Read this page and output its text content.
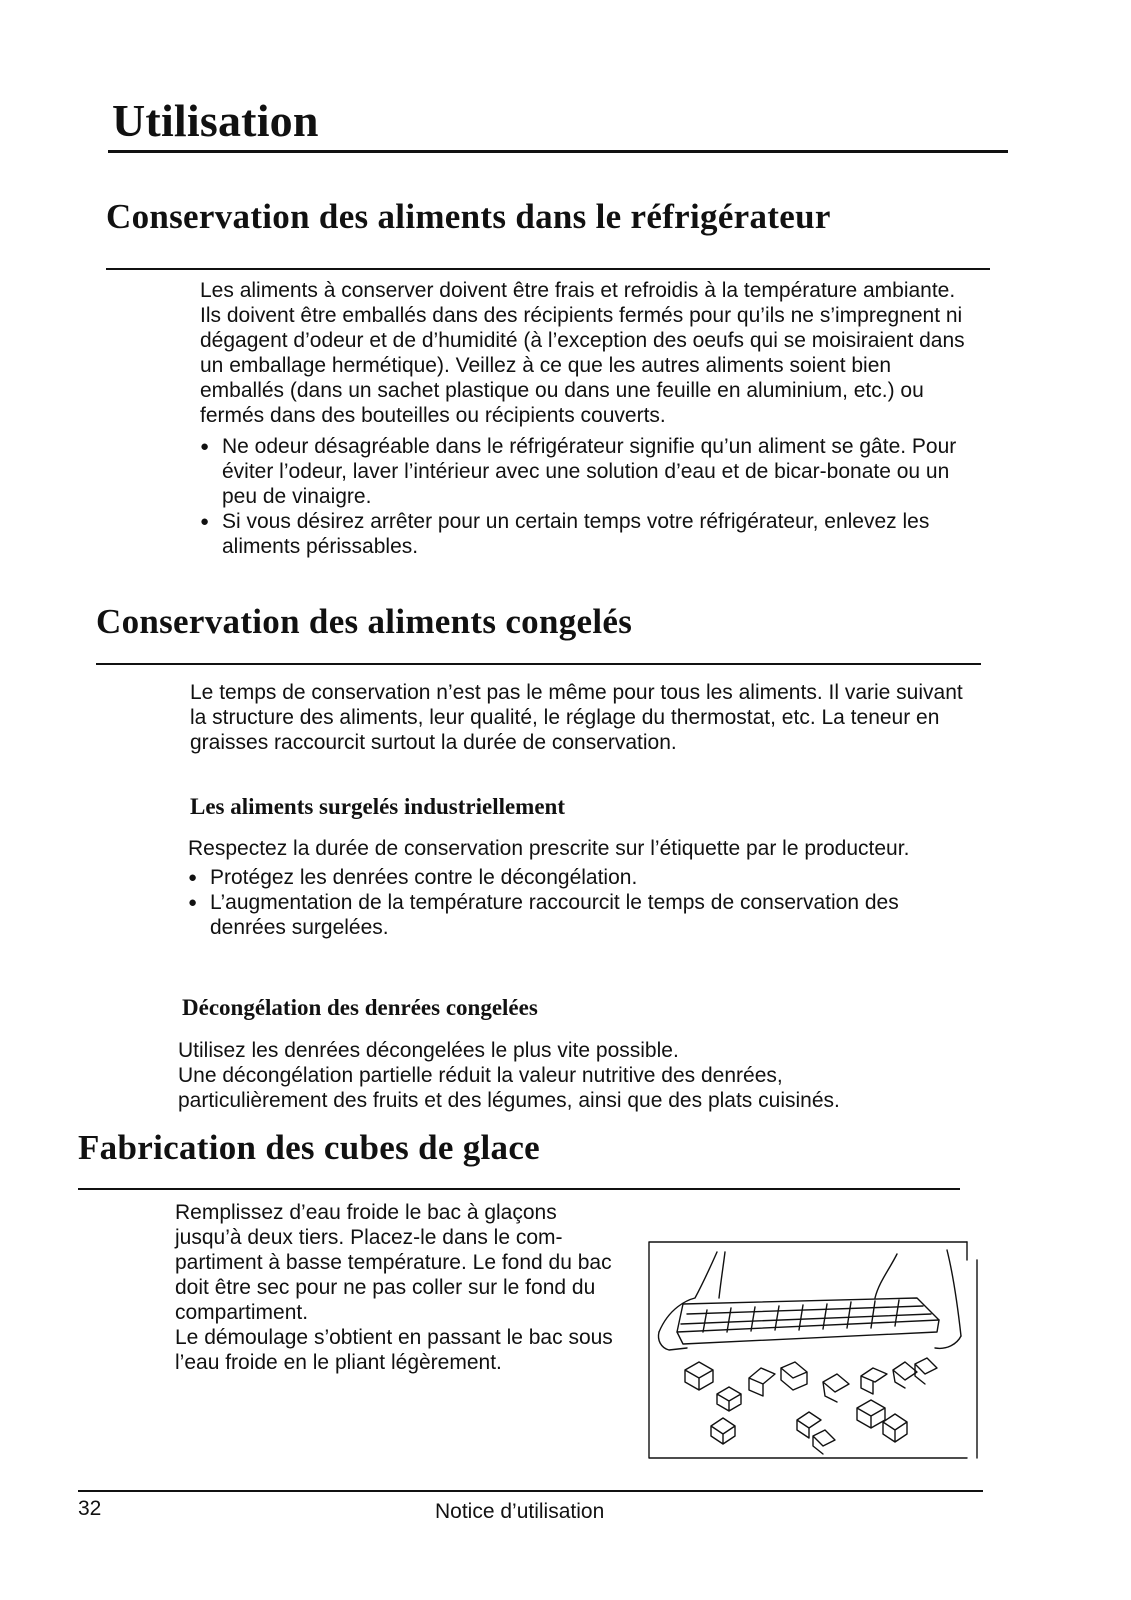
Utilisation
Conservation des aliments dans le réfrigérateur

Les aliments à conserver doivent être frais et refroidis à la température ambiante. Ils doivent être emballés dans des récipients fermés pour qu’ils ne s’impregnent ni dégagent d’odeur et de d’humidité (à l’exception des oeufs qui se moisiraient dans un emballage hermétique). Veillez à ce que les autres aliments soient bien emballés (dans un sachet plastique ou dans une feuille en aluminium, etc.) ou fermés dans des bouteilles ou récipients couverts.

● Ne odeur désagréable dans le réfrigérateur signifie qu’un aliment se gâte. Pour éviter l’odeur, laver l’intérieur avec une solution d’eau et de bicar-bonate ou un peu de vinaigre.
● Si vous désirez arrêter pour un certain temps votre réfrigérateur, enlevez les aliments périssables.
Conservation des aliments congelés
Le temps de conservation n’est pas le même pour tous les aliments. Il varie suivant la structure des aliments, leur qualité, le réglage du thermostat, etc. La teneur en graisses raccourcit surtout la durée de conservation.
Les aliments surgelés industriellement

Respectez la durée de conservation prescrite sur l’étiquette par le producteur.

● Protégez les denrées contre le décongélation.
● L’augmentation de la température raccourcit le temps de conservation des denrées surgelées.
Décongélation des denrées congelées

Utilisez les denrées décongelées le plus vite possible.

Une décongélation partielle réduit la valeur nutritive des denrées, particulièrement des fruits et des légumes, ainsi que des plats cuisinés.

Fabrication des cubes de glace

Remplissez d’eau froide le bac à glaçons jusqu’à deux tiers. Placez-le dans le com-partiment à basse température. Le fond du bac doit être sec pour ne pas coller sur le fond du compartiment.

Le démoulage s’obtient en passant le bac sous l’eau froide en le pliant légèrement.

32	Notice d’utilisation
